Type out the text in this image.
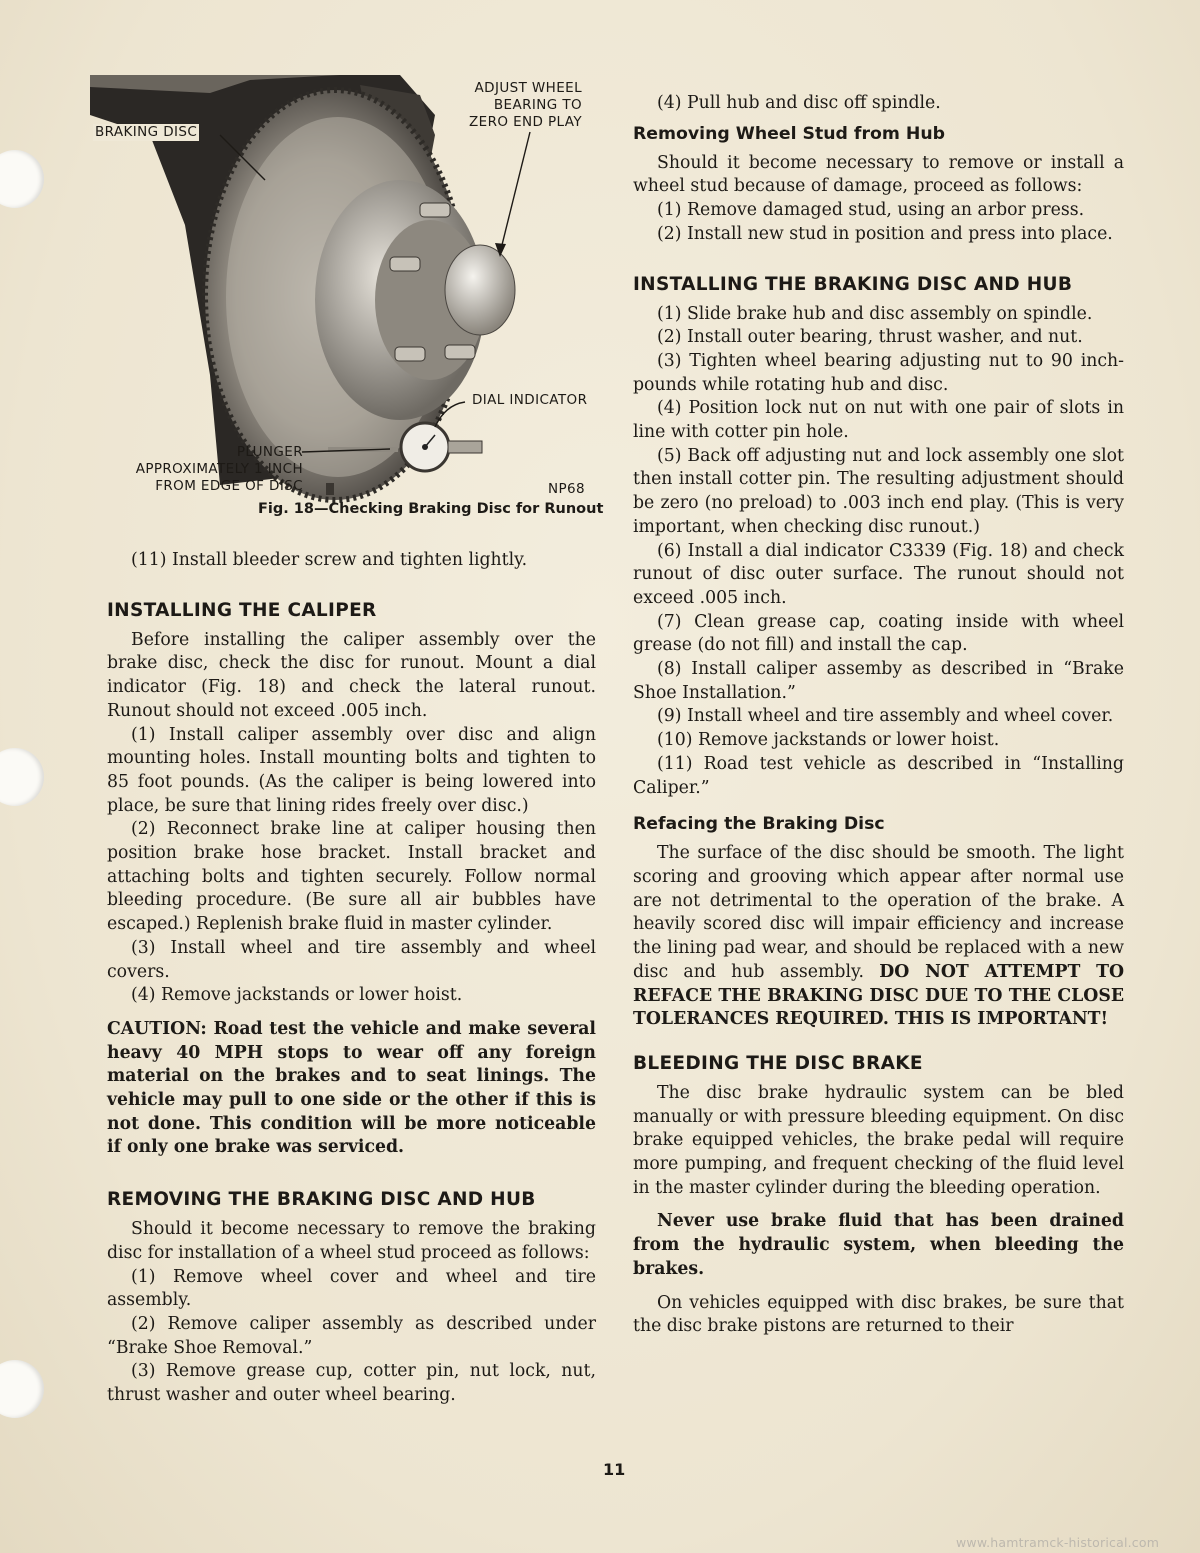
ADJUST WHEEL
BEARING TO
ZERO END PLAY
BRAKING DISC
DIAL INDICATOR
PLUNGER
APPROXIMATELY 1 INCH
FROM EDGE OF DISC	NP68
Fig. 18—Checking Braking Disc for Runout

(11) Install bleeder screw and tighten lightly.

INSTALLING THE CALIPER

Before installing the caliper assembly over the brake disc, check the disc for runout. Mount a dial indicator (Fig. 18) and check the lateral runout. Runout should not exceed .005 inch.

(1) Install caliper assembly over disc and align mounting holes. Install mounting bolts and tighten to 85 foot pounds. (As the caliper is being lowered into place, be sure that lining rides freely over disc.)

(2) Reconnect brake line at caliper housing then position brake hose bracket. Install bracket and attaching bolts and tighten securely. Follow normal bleeding procedure. (Be sure all air bubbles have escaped.) Replenish brake fluid in master cylinder.

(3) Install wheel and tire assembly and wheel covers.

(4) Remove jackstands or lower hoist.

CAUTION: Road test the vehicle and make several heavy 40 MPH stops to wear off any foreign material on the brakes and to seat linings. The vehicle may pull to one side or the other if this is not done. This condition will be more noticeable if only one brake was serviced.

REMOVING THE BRAKING DISC AND HUB

Should it become necessary to remove the braking disc for installation of a wheel stud proceed as follows:

(1) Remove wheel cover and wheel and tire assembly.

(2) Remove caliper assembly as described under “Brake Shoe Removal.”

(3) Remove grease cup, cotter pin, nut lock, nut, thrust washer and outer wheel bearing.

(4) Pull hub and disc off spindle.

Removing Wheel Stud from Hub

Should it become necessary to remove or install a wheel stud because of damage, proceed as follows:

(1) Remove damaged stud, using an arbor press.

(2) Install new stud in position and press into place.

INSTALLING THE BRAKING DISC AND HUB

(1) Slide brake hub and disc assembly on spindle.

(2) Install outer bearing, thrust washer, and nut.

(3) Tighten wheel bearing adjusting nut to 90 inch-pounds while rotating hub and disc.

(4) Position lock nut on nut with one pair of slots in line with cotter pin hole.

(5) Back off adjusting nut and lock assembly one slot then install cotter pin. The resulting adjustment should be zero (no preload) to .003 inch end play. (This is very important, when checking disc runout.)

(6) Install a dial indicator C3339 (Fig. 18) and check runout of disc outer surface. The runout should not exceed .005 inch.

(7) Clean grease cap, coating inside with wheel grease (do not fill) and install the cap.

(8) Install caliper assemby as described in “Brake Shoe Installation.”

(9) Install wheel and tire assembly and wheel cover.

(10) Remove jackstands or lower hoist.

(11) Road test vehicle as described in “Installing Caliper.”

Refacing the Braking Disc

The surface of the disc should be smooth. The light scoring and grooving which appear after normal use are not detrimental to the operation of the brake. A heavily scored disc will impair efficiency and increase the lining pad wear, and should be replaced with a new disc and hub assembly. DO NOT ATTEMPT TO REFACE THE BRAKING DISC DUE TO THE CLOSE TOLERANCES REQUIRED. THIS IS IMPORTANT!

BLEEDING THE DISC BRAKE

The disc brake hydraulic system can be bled manually or with pressure bleeding equipment. On disc brake equipped vehicles, the brake pedal will require more pumping, and frequent checking of the fluid level in the master cylinder during the bleeding operation.

Never use brake fluid that has been drained from the hydraulic system, when bleeding the brakes.

On vehicles equipped with disc brakes, be sure that the disc brake pistons are returned to their

11
www.hamtramck-historical.com
